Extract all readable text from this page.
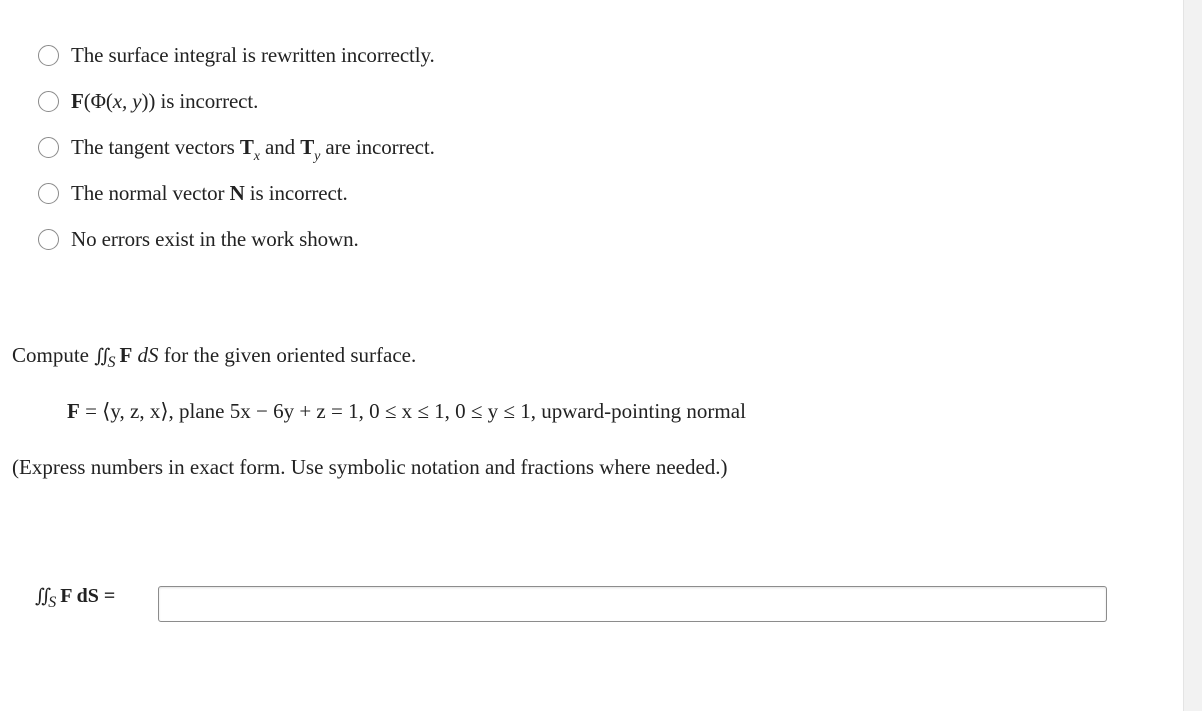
The surface integral is rewritten incorrectly.
F(Φ(x, y)) is incorrect.
The tangent vectors $T_x$ and $T_y$ are incorrect.
The normal vector N is incorrect.
No errors exist in the work shown.
Compute $∬_S$ F dS for the given oriented surface.
F = ⟨y, z, x⟩, plane 5x − 6y + z = 1, 0 ≤ x ≤ 1, 0 ≤ y ≤ 1, upward-pointing normal
(Express numbers in exact form. Use symbolic notation and fractions where needed.)
$∬_S$ F dS =
